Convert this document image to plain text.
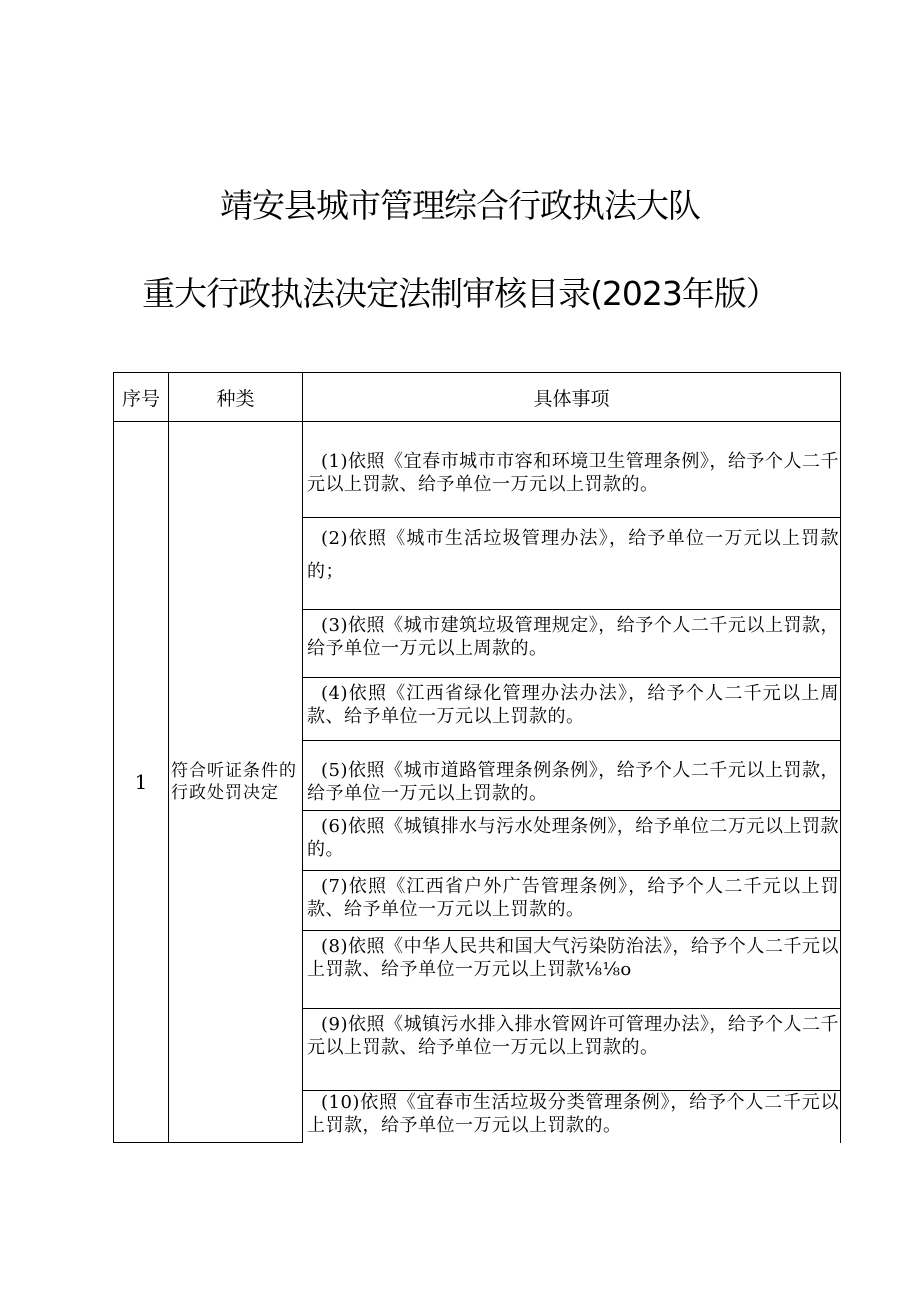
靖安县城市管理综合行政执法大队
重大行政执法决定法制审核目录(2023年版）
序号	种类	具体事项
1	符合听证条件的行政处罚决定	(1)依照《宜春市城市市容和环境卫生管理条例》，给予个人二千元以上罚款、给予单位一万元以上罚款的。

		(2)依照《城市生活垃圾管理办法》，给予单位一万元以上罚款的；

		(3)依照《城市建筑垃圾管理规定》，给予个人二千元以上罚款，给予单位一万元以上周款的。

		(4)依照《江西省绿化管理办法办法》，给予个人二千元以上周款、给予单位一万元以上罚款的。

		(5)依照《城市道路管理条例条例》，给予个人二千元以上罚款，给予单位一万元以上罚款的。

		(6)依照《城镇排水与污水处理条例》，给予单位二万元以上罚款的。

		(7)依照《江西省户外广告管理条例》，给予个人二千元以上罚款、给予单位一万元以上罚款的。

		(8)依照《中华人民共和国大气污染防治法》，给予个人二千元以上罚款、给予单位一万元以上罚款⅛⅛o

		(9)依照《城镇污水排入排水管网许可管理办法》，给予个人二千元以上罚款、给予单位一万元以上罚款的。

		(10)依照《宜春市生活垃圾分类管理条例》，给予个人二千元以上罚款，给予单位一万元以上罚款的。
